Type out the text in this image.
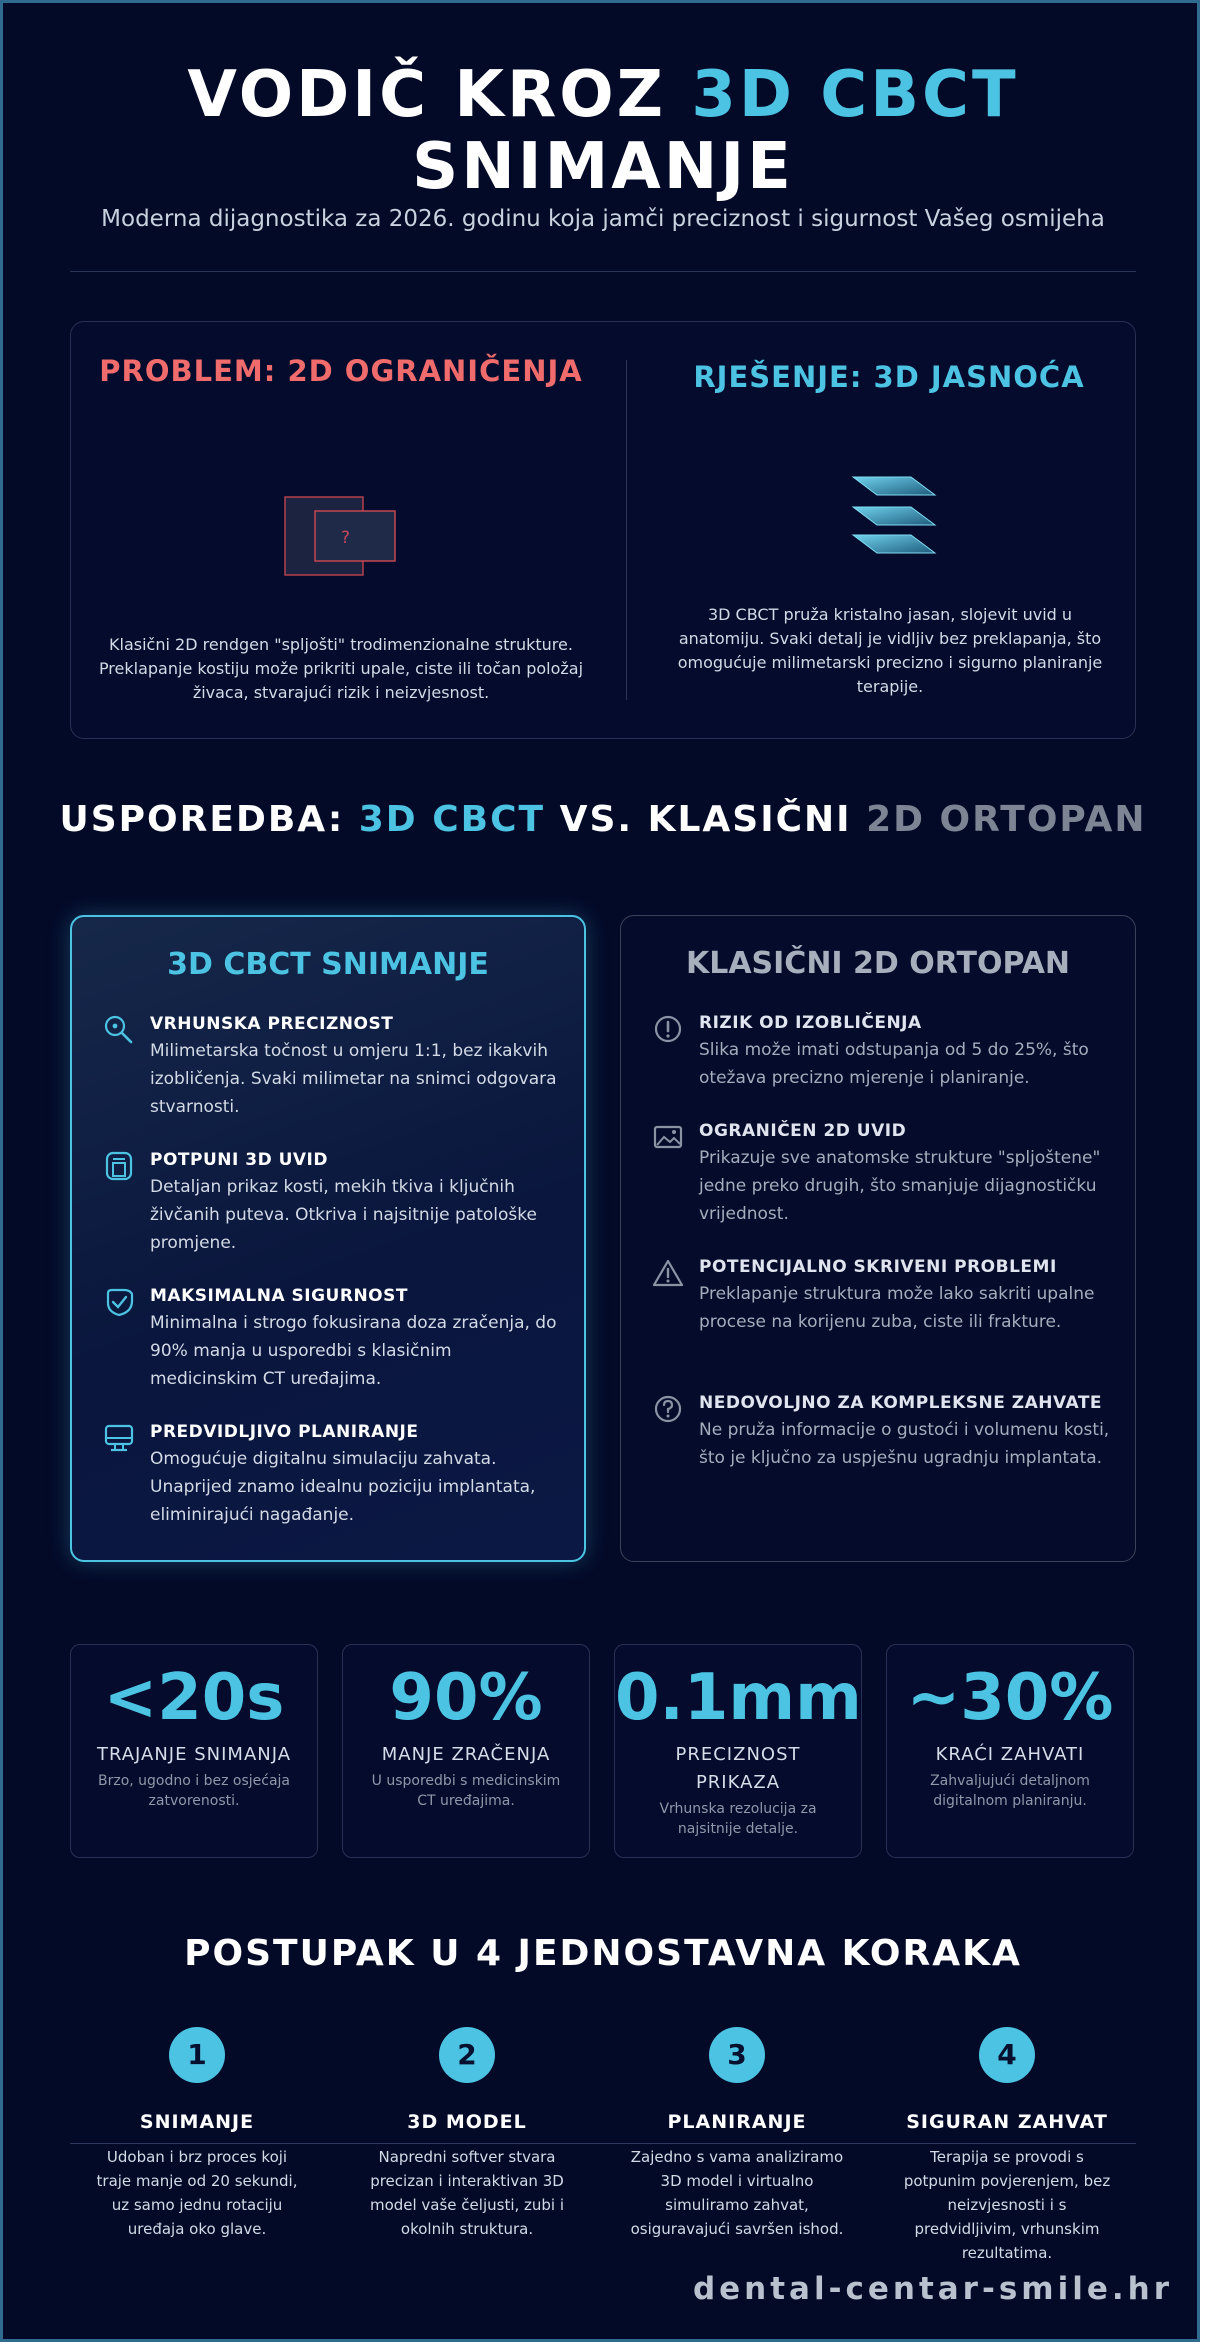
VODIČ KROZ 3D CBCT
SNIMANJE
Moderna dijagnostika za 2026. godinu koja jamči preciznost i sigurnost Vašeg osmijeha
PROBLEM: 2D OGRANIČENJA
?
Klasični 2D rendgen "spljošti" trodimenzionalne strukture. Preklapanje kostiju može prikriti upale, ciste ili točan položaj živaca, stvarajući rizik i neizvjesnost.
RJEŠENJE: 3D JASNOĆA
3D CBCT pruža kristalno jasan, slojevit uvid u anatomiju. Svaki detalj je vidljiv bez preklapanja, što omogućuje milimetarski precizno i sigurno planiranje terapije.
USPOREDBA: 3D CBCT VS. KLASIČNI 2D ORTOPAN
3D CBCT SNIMANJE
VRHUNSKA PRECIZNOST
Milimetarska točnost u omjeru 1:1, bez ikakvih izobličenja. Svaki milimetar na snimci odgovara stvarnosti.
POTPUNI 3D UVID
Detaljan prikaz kosti, mekih tkiva i ključnih živčanih puteva. Otkriva i najsitnije patološke promjene.
MAKSIMALNA SIGURNOST
Minimalna i strogo fokusirana doza zračenja, do 90% manja u usporedbi s klasičnim medicinskim CT uređajima.
PREDVIDLJIVO PLANIRANJE
Omogućuje digitalnu simulaciju zahvata. Unaprijed znamo idealnu poziciju implantata, eliminirajući nagađanje.
KLASIČNI 2D ORTOPAN
RIZIK OD IZOBLIČENJA
Slika može imati odstupanja od 5 do 25%, što otežava precizno mjerenje i planiranje.
OGRANIČEN 2D UVID
Prikazuje sve anatomske strukture "spljoštene" jedne preko drugih, što smanjuje dijagnostičku vrijednost.
POTENCIJALNO SKRIVENI PROBLEMI
Preklapanje struktura može lako sakriti upalne procese na korijenu zuba, ciste ili frakture.
NEDOVOLJNO ZA KOMPLEKSNE ZAHVATE
Ne pruža informacije o gustoći i volumenu kosti, što je ključno za uspješnu ugradnju implantata.
<20s
TRAJANJE SNIMANJA
Brzo, ugodno i bez osjećaja zatvorenosti.
90%
MANJE ZRAČENJA
U usporedbi s medicinskim CT uređajima.
0.1mm
PRECIZNOST PRIKAZA
Vrhunska rezolucija za najsitnije detalje.
~30%
KRAĆI ZAHVATI
Zahvaljujući detaljnom digitalnom planiranju.
POSTUPAK U 4 JEDNOSTAVNA KORAKA
1
SNIMANJE
Udoban i brz proces koji traje manje od 20 sekundi, uz samo jednu rotaciju uređaja oko glave.
2
3D MODEL
Napredni softver stvara precizan i interaktivan 3D model vaše čeljusti, zubi i okolnih struktura.
3
PLANIRANJE
Zajedno s vama analiziramo 3D model i virtualno simuliramo zahvat, osiguravajući savršen ishod.
4
SIGURAN ZAHVAT
Terapija se provodi s potpunim povjerenjem, bez neizvjesnosti i s predvidljivim, vrhunskim rezultatima.
dental-centar-smile.hr
